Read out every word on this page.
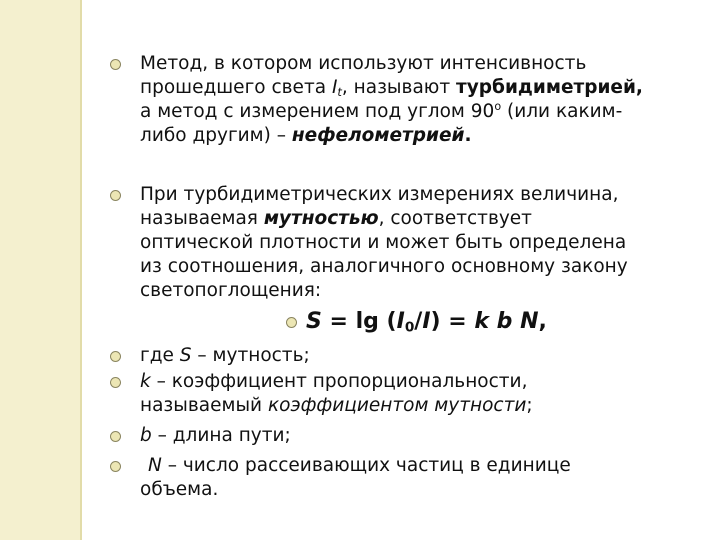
Метод, в котором используют интенсивность

прошедшего света $I_t$, называют турбидиметрией,

а метод с измерением под углом 90$^o$ (или каким-

либо другим) – нефелометрией.

При турбидиметрических измерениях величина,

называемая мутностью, соответствует

оптической плотности и может быть определена

из соотношения, аналогичного основному закону

светопоглощения:

$S = \lg (I_0/I) = k$ b N,

где S – мутность;

k – коэффициент пропорциональности,

называемый коэффициентом мутности;

b – длина пути;

N – число рассеивающих частиц в единице

объема.
